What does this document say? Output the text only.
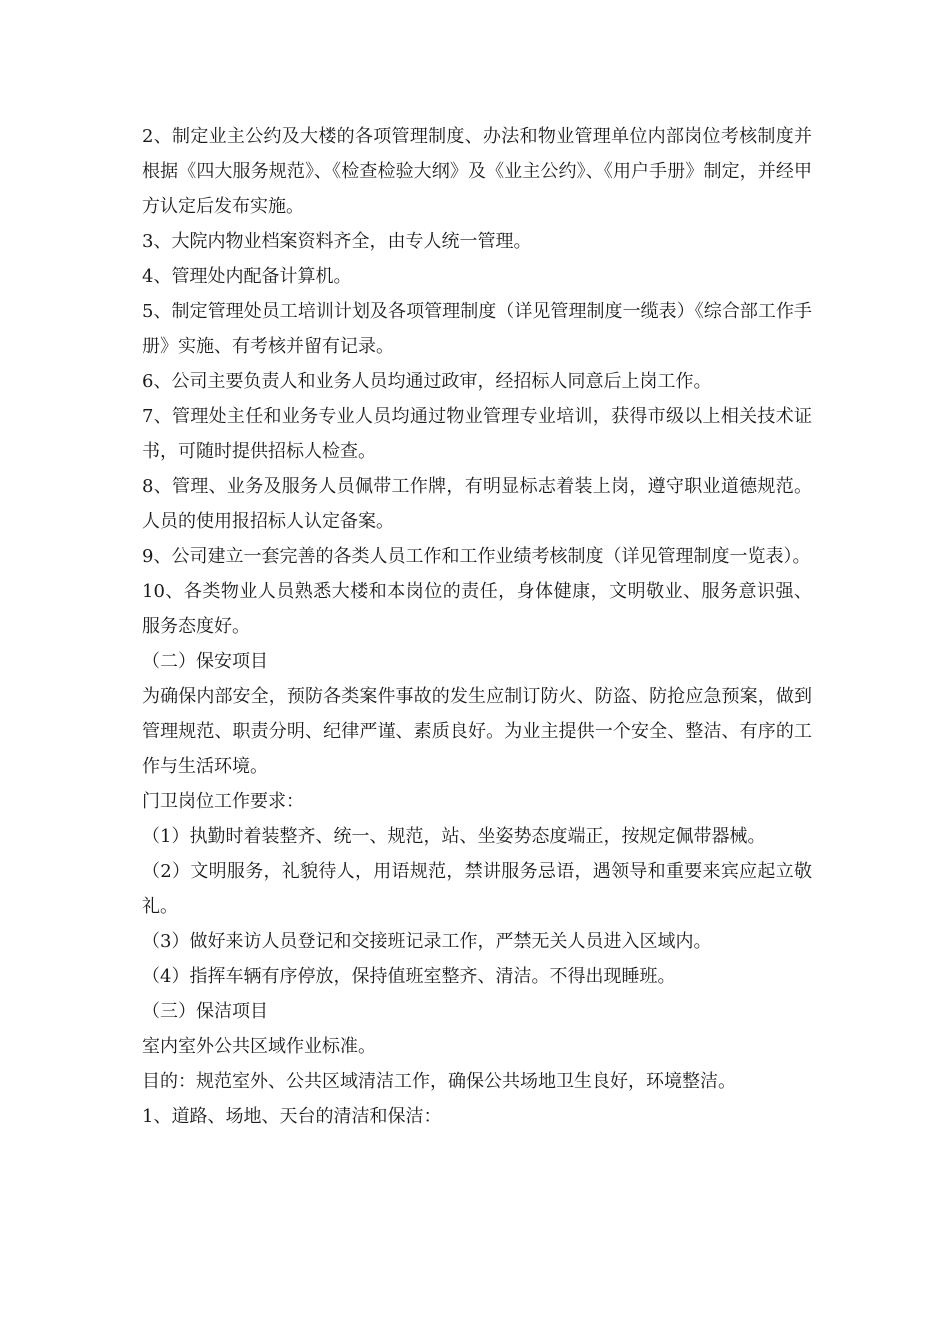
2、制定业主公约及大楼的各项管理制度、办法和物业管理单位内部岗位考核制度并根据《四大服务规范》、《检查检验大纲》及《业主公约》、《用户手册》制定，并经甲方认定后发布实施。

3、大院内物业档案资料齐全，由专人统一管理。

4、管理处内配备计算机。

5、制定管理处员工培训计划及各项管理制度（详见管理制度一缆表）《综合部工作手册》实施、有考核并留有记录。

6、公司主要负责人和业务人员均通过政审，经招标人同意后上岗工作。

7、管理处主任和业务专业人员均通过物业管理专业培训，获得市级以上相关技术证书，可随时提供招标人检查。

8、管理、业务及服务人员佩带工作牌，有明显标志着装上岗，遵守职业道德规范。人员的使用报招标人认定备案。

9、公司建立一套完善的各类人员工作和工作业绩考核制度（详见管理制度一览表）。

10、各类物业人员熟悉大楼和本岗位的责任，身体健康，文明敬业、服务意识强、服务态度好。

（二）保安项目

为确保内部安全，预防各类案件事故的发生应制订防火、防盗、防抢应急预案，做到管理规范、职责分明、纪律严谨、素质良好。为业主提供一个安全、整洁、有序的工作与生活环境。

门卫岗位工作要求：

（1）执勤时着装整齐、统一、规范，站、坐姿势态度端正，按规定佩带器械。

（2）文明服务，礼貌待人，用语规范，禁讲服务忌语，遇领导和重要来宾应起立敬礼。

（3）做好来访人员登记和交接班记录工作，严禁无关人员进入区域内。

（4）指挥车辆有序停放，保持值班室整齐、清洁。不得出现睡班。

（三）保洁项目

室内室外公共区域作业标准。

目的：规范室外、公共区域清洁工作，确保公共场地卫生良好，环境整洁。

1、道路、场地、天台的清洁和保洁：
